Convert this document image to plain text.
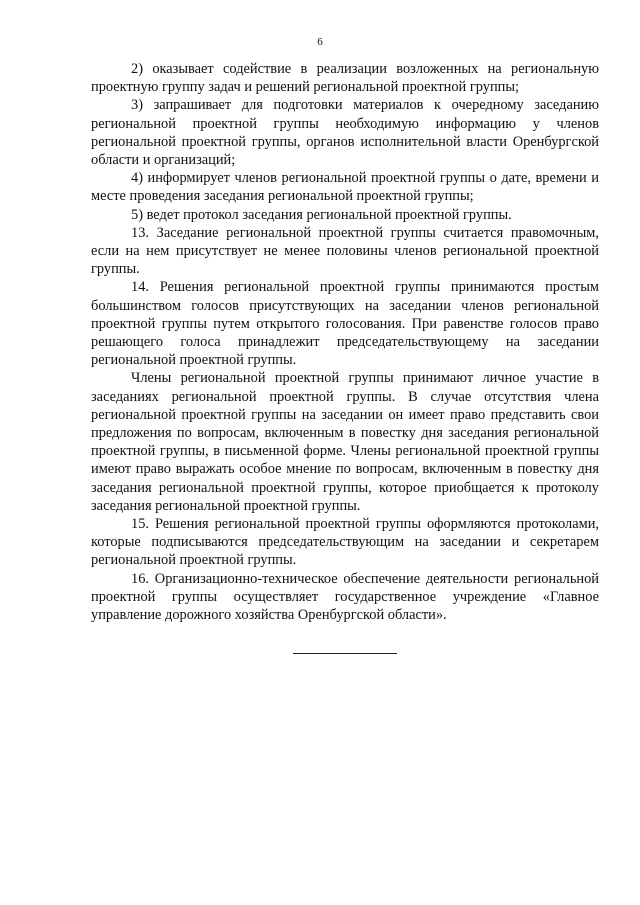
6

2) оказывает содействие в реализации возложенных на региональную проектную группу задач и решений региональной проектной группы;

3) запрашивает для подготовки материалов к очередному заседанию региональной проектной группы необходимую информацию у членов региональной проектной группы, органов исполнительной власти Оренбургской области и организаций;

4) информирует членов региональной проектной группы о дате, времени и месте проведения заседания региональной проектной группы;

5) ведет протокол заседания региональной проектной группы.

13. Заседание региональной проектной группы считается правомочным, если на нем присутствует не менее половины членов региональной проектной группы.

14. Решения региональной проектной группы принимаются простым большинством голосов присутствующих на заседании членов региональной проектной группы путем открытого голосования. При равенстве голосов право решающего голоса принадлежит председательствующему на заседании региональной проектной группы.

Члены региональной проектной группы принимают личное участие в заседаниях региональной проектной группы. В случае отсутствия члена региональной проектной группы на заседании он имеет право представить свои предложения по вопросам, включенным в повестку дня заседания региональной проектной группы, в письменной форме. Члены региональной проектной группы имеют право выражать особое мнение по вопросам, включенным в повестку дня заседания региональной проектной группы, которое приобщается к протоколу заседания региональной проектной группы.

15. Решения региональной проектной группы оформляются протоколами, которые подписываются председательствующим на заседании и секретарем региональной проектной группы.

16. Организационно-техническое обеспечение деятельности региональной проектной группы осуществляет государственное учреждение «Главное управление дорожного хозяйства Оренбургской области».
